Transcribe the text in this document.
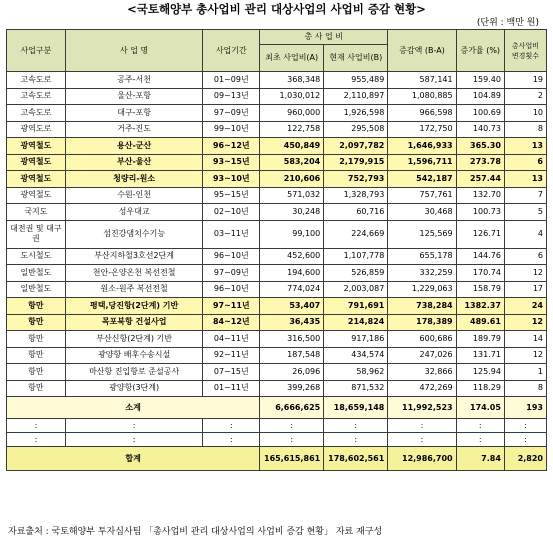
<국토해양부 총사업비 관리 대상사업의 사업비 증감 현황>
(단위 : 백만 원)
사업구분	사 업 명	사업기간	총 사 업 비		증감액 (B-A)	증가율 (%)	총사업비 변경횟수
			최초 사업비(A)	현재 사업비(B)			
고속도로	공주-서천	01~09년	368,348	955,489	587,141	159.40	19
고속도로	울산-포항	09~13년	1,030,012	2,110,897	1,080,885	104.89	2
고속도로	대구-포항	97~09년	960,000	1,926,598	966,598	100.69	10
광역도로	거주-진도	99~10년	122,758	295,508	172,750	140.73	8
광역철도	용산-군산	96~12년	450,849	2,097,782	1,646,933	365.30	13
광역철도	부산-울산	93~15년	583,204	2,179,915	1,596,711	273.78	6
광역철도	청량리-원소	93~10년	210,606	752,793	542,187	257.44	13
광역철도	수원-인천	95~15년	571,032	1,328,793	757,761	132.70	7
국지도	성우대교	02~10년	30,248	60,716	30,468	100.73	5
대전권 및 대구권	섬진강댐치수기능	03~11년	99,100	224,669	125,569	126.71	4
도시철도	부산지하철3호선2단계	96~10년	452,600	1,107,778	655,178	144.76	6
일반철도	천안-온양온천 복선전철	97~09년	194,600	526,859	332,259	170.74	12
일반철도	원소-원주 복선전철	96~10년	774,024	2,003,087	1,229,063	158.79	17
항만	평택,당진항(2단계) 기반	97~11년	53,407	791,691	738,284	1382.37	24
항만	목포북항 건설사업	84~12년	36,435	214,824	178,389	489.61	12
항만	부산신항(2단계) 기반	04~11년	316,500	917,186	600,686	189.79	14
항만	광양항 배후수송시설	92~11년	187,548	434,574	247,026	131.71	12
항만	마산항 진입항로 준설공사	07~15년	26,096	58,962	32,866	125.94	1
항만	광양항(3단계)	01~11년	399,268	871,532	472,269	118.29	8
소계			6,666,625	18,659,148	11,992,523	174.05	193
:	:	:	:	:	:	:	:
:	:	:	:	:	:	:	:
합계			165,615,861	178,602,561	12,986,700	7.84	2,820
자료출처 : 국토해양부 투자심사팀 「총사업비 관리 대상사업의 사업비 증감 현황」 자료 재구성
